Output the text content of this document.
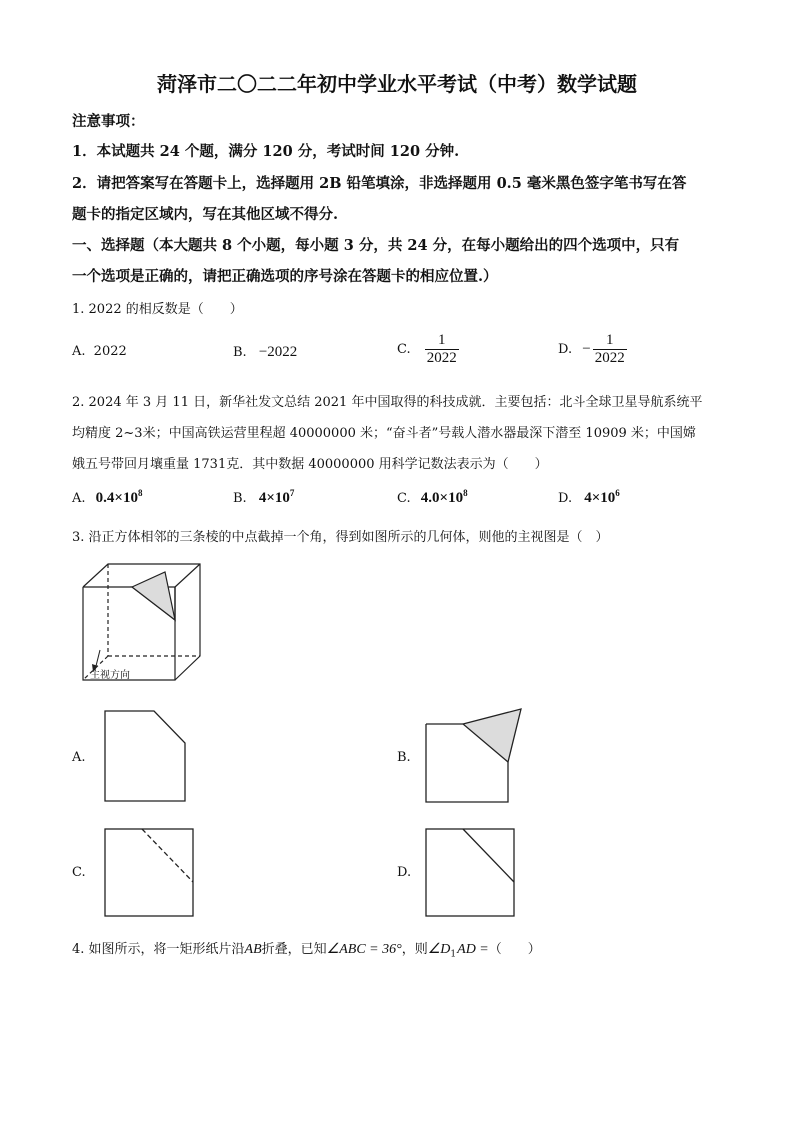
菏泽市二〇二二年初中学业水平考试（中考）数学试题
注意事项：
1．本试题共 24 个题，满分 120 分，考试时间 120 分钟.
2．请把答案写在答题卡上，选择题用 2B 铅笔填涂，非选择题用 0.5 毫米黑色签字笔书写在答
题卡的指定区域内，写在其他区域不得分.
一、选择题（本大题共 8 个小题，每小题 3 分，共 24 分，在每小题给出的四个选项中，只有
一个选项是正确的，请把正确选项的序号涂在答题卡的相应位置.）
1. 2022 的相反数是（　　）
A. 2022	B. −2022	C. $\frac{1}{2022}$	D. − $\frac{1}{2022}$
2. 2024 年 3 月 11 日，新华社发文总结 2021 年中国取得的科技成就．主要包括：北斗全球卫星导航系统平
均精度 2~3米；中国高铁运营里程超 40000000 米；“奋斗者”号载人潜水器最深下潜至 10909 米；中国嫦
娥五号带回月壤重量 1731克．其中数据 40000000 用科学记数法表示为（　　）
A. $0.4\times 10^8$	B. $4\times 10^7$	C. $4.0\times 10^8$	D. $4\times 10^6$
3. 沿正方体相邻的三条棱的中点截掉一个角，得到如图所示的几何体，则他的主视图是（　）
主视方向
A.	B.
C.	D.
4. 如图所示，将一矩形纸片沿AB折叠，已知∠ABC = 36°，则$\angle D_1AD$ =（　　）
